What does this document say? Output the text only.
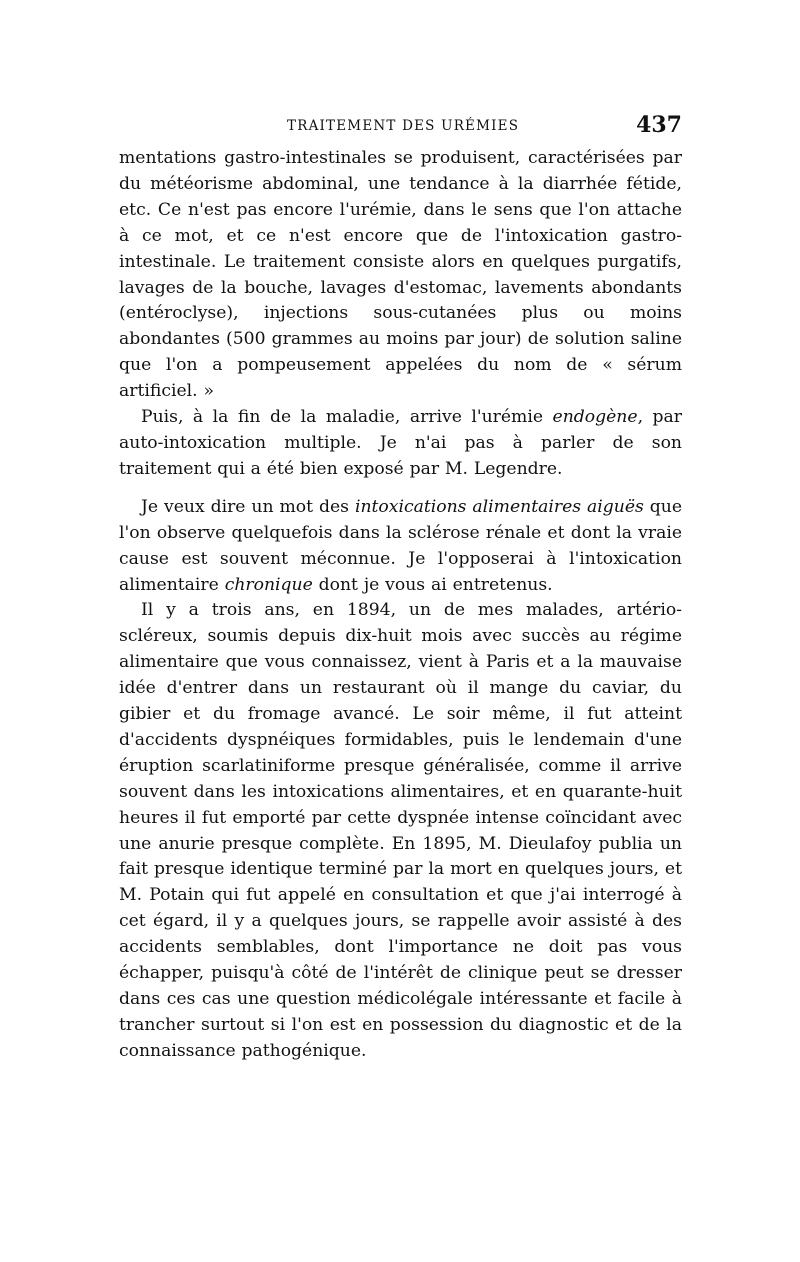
TRAITEMENT DES URÉMIES	437

mentations gastro-intestinales se produisent, caractérisées par du météorisme abdominal, une tendance à la diarrhée fétide, etc. Ce n'est pas encore l'urémie, dans le sens que l'on attache à ce mot, et ce n'est encore que de l'intoxication gastro-intestinale. Le traitement consiste alors en quelques purgatifs, lavages de la bouche, lavages d'estomac, lavements abondants (entéroclyse), injections sous-cutanées plus ou moins abondantes (500 grammes au moins par jour) de solution saline que l'on a pompeusement appelées du nom de « sérum artificiel. »

Puis, à la fin de la maladie, arrive l'urémie endogène, par auto-intoxication multiple. Je n'ai pas à parler de son traitement qui a été bien exposé par M. Legendre.

Je veux dire un mot des intoxications alimentaires aiguës que l'on observe quelquefois dans la sclérose rénale et dont la vraie cause est souvent méconnue. Je l'opposerai à l'intoxication alimentaire chronique dont je vous ai entretenus.

Il y a trois ans, en 1894, un de mes malades, artério-scléreux, soumis depuis dix-huit mois avec succès au régime alimentaire que vous connaissez, vient à Paris et a la mauvaise idée d'entrer dans un restaurant où il mange du caviar, du gibier et du fromage avancé. Le soir même, il fut atteint d'accidents dyspnéiques formidables, puis le lendemain d'une éruption scarlatiniforme presque généralisée, comme il arrive souvent dans les intoxications alimentaires, et en quarante-huit heures il fut emporté par cette dyspnée intense coïncidant avec une anurie presque complète. En 1895, M. Dieulafoy publia un fait presque identique terminé par la mort en quelques jours, et M. Potain qui fut appelé en consultation et que j'ai interrogé à cet égard, il y a quelques jours, se rappelle avoir assisté à des accidents semblables, dont l'importance ne doit pas vous échapper, puisqu'à côté de l'intérêt de clinique peut se dresser dans ces cas une question médicolégale intéressante et facile à trancher surtout si l'on est en possession du diagnostic et de la connaissance pathogénique.
